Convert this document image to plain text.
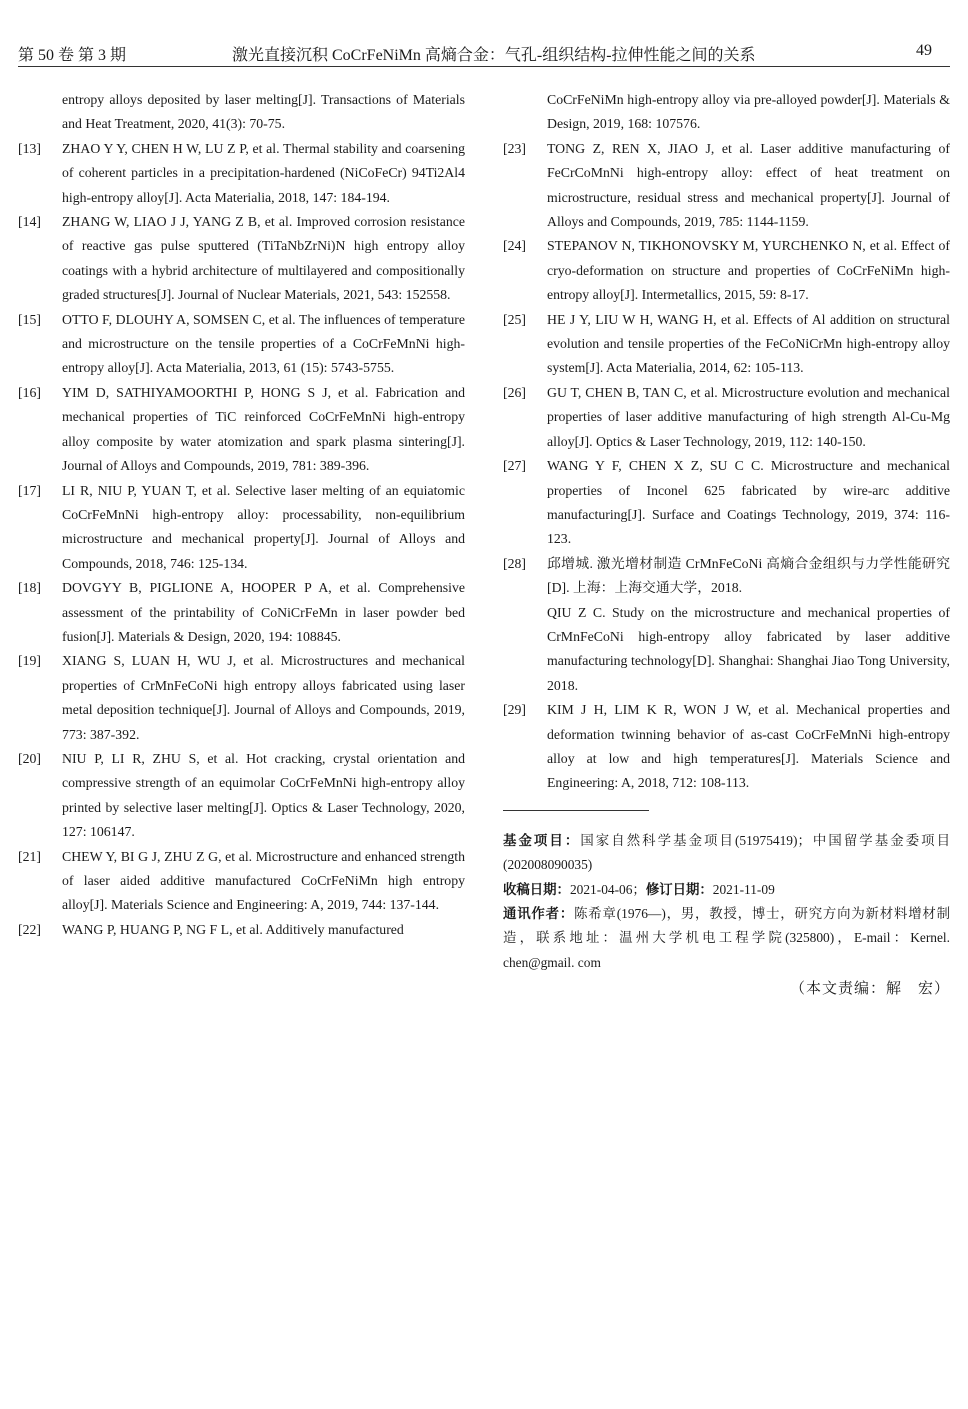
第 50 卷 第 3 期	激光直接沉积 CoCrFeNiMn 高熵合金：气孔-组织结构-拉伸性能之间的关系	49
entropy alloys deposited by laser melting[J]. Transactions of Materials and Heat Treatment, 2020, 41(3): 70-75.
[13] ZHAO Y Y, CHEN H W, LU Z P, et al. Thermal stability and coarsening of coherent particles in a precipitation-hardened (NiCoFeCr) 94Ti2Al4 high-entropy alloy[J]. Acta Materialia, 2018, 147: 184-194.
[14] ZHANG W, LIAO J J, YANG Z B, et al. Improved corrosion resistance of reactive gas pulse sputtered (TiTaNbZrNi)N high entropy alloy coatings with a hybrid architecture of multilayered and compositionally graded structures[J]. Journal of Nuclear Materials, 2021, 543: 152558.
[15] OTTO F, DLOUHY A, SOMSEN C, et al. The influences of temperature and microstructure on the tensile properties of a CoCrFeMnNi high-entropy alloy[J]. Acta Materialia, 2013, 61 (15): 5743-5755.
[16] YIM D, SATHIYAMOORTHI P, HONG S J, et al. Fabrication and mechanical properties of TiC reinforced CoCrFeMnNi high-entropy alloy composite by water atomization and spark plasma sintering[J]. Journal of Alloys and Compounds, 2019, 781: 389-396.
[17] LI R, NIU P, YUAN T, et al. Selective laser melting of an equiatomic CoCrFeMnNi high-entropy alloy: processability, non-equilibrium microstructure and mechanical property[J]. Journal of Alloys and Compounds, 2018, 746: 125-134.
[18] DOVGYY B, PIGLIONE A, HOOPER P A, et al. Comprehensive assessment of the printability of CoNiCrFeMn in laser powder bed fusion[J]. Materials & Design, 2020, 194: 108845.
[19] XIANG S, LUAN H, WU J, et al. Microstructures and mechanical properties of CrMnFeCoNi high entropy alloys fabricated using laser metal deposition technique[J]. Journal of Alloys and Compounds, 2019, 773: 387-392.
[20] NIU P, LI R, ZHU S, et al. Hot cracking, crystal orientation and compressive strength of an equimolar CoCrFeMnNi high-entropy alloy printed by selective laser melting[J]. Optics & Laser Technology, 2020, 127: 106147.
[21] CHEW Y, BI G J, ZHU Z G, et al. Microstructure and enhanced strength of laser aided additive manufactured CoCrFeNiMn high entropy alloy[J]. Materials Science and Engineering: A, 2019, 744: 137-144.
[22] WANG P, HUANG P, NG F L, et al. Additively manufactured
CoCrFeNiMn high-entropy alloy via pre-alloyed powder[J]. Materials & Design, 2019, 168: 107576.
[23] TONG Z, REN X, JIAO J, et al. Laser additive manufacturing of FeCrCoMnNi high-entropy alloy: effect of heat treatment on microstructure, residual stress and mechanical property[J]. Journal of Alloys and Compounds, 2019, 785: 1144-1159.
[24] STEPANOV N, TIKHONOVSKY M, YURCHENKO N, et al. Effect of cryo-deformation on structure and properties of CoCrFeNiMn high-entropy alloy[J]. Intermetallics, 2015, 59: 8-17.
[25] HE J Y, LIU W H, WANG H, et al. Effects of Al addition on structural evolution and tensile properties of the FeCoNiCrMn high-entropy alloy system[J]. Acta Materialia, 2014, 62: 105-113.
[26] GU T, CHEN B, TAN C, et al. Microstructure evolution and mechanical properties of laser additive manufacturing of high strength Al-Cu-Mg alloy[J]. Optics & Laser Technology, 2019, 112: 140-150.
[27] WANG Y F, CHEN X Z, SU C C. Microstructure and mechanical properties of Inconel 625 fabricated by wire-arc additive manufacturing[J]. Surface and Coatings Technology, 2019, 374: 116-123.
[28] 邱增城. 激光增材制造 CrMnFeCoNi 高熵合金组织与力学性能研究[D]. 上海：上海交通大学，2018.
QIU Z C. Study on the microstructure and mechanical properties of CrMnFeCoNi high-entropy alloy fabricated by laser additive manufacturing technology[D]. Shanghai: Shanghai Jiao Tong University, 2018.
[29] KIM J H, LIM K R, WON J W, et al. Mechanical properties and deformation twinning behavior of as-cast CoCrFeMnNi high-entropy alloy at low and high temperatures[J]. Materials Science and Engineering: A, 2018, 712: 108-113.
基金项目：国家自然科学基金项目(51975419)；中国留学基金委项目(202008090035)
收稿日期：2021-04-06；修订日期：2021-11-09
通讯作者：陈希章(1976—)，男，教授，博士，研究方向为新材料增材制造，联系地址：温州大学机电工程学院(325800)，E-mail：Kernel. chen@gmail. com
（本文责编：解　宏）
